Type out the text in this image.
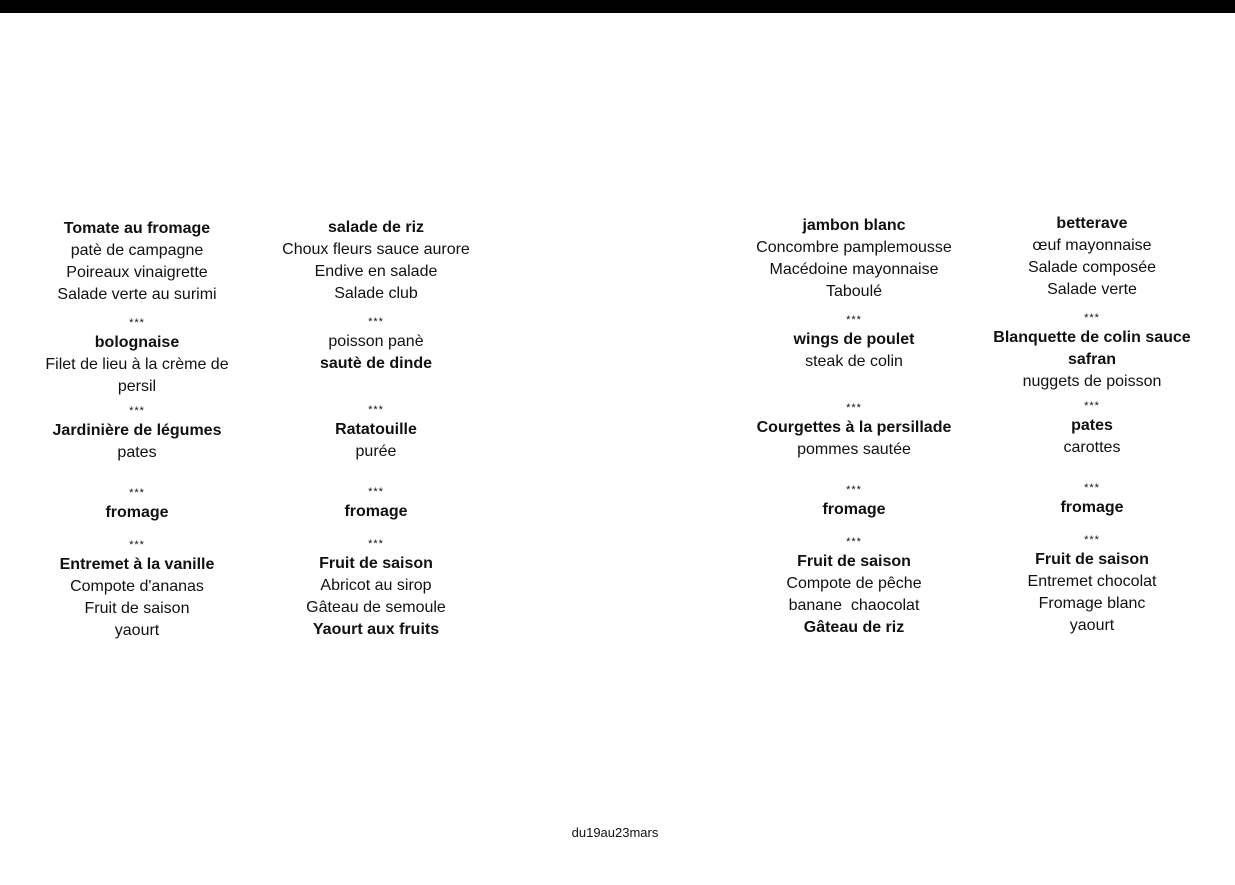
Tomate au fromage
patè de campagne
Poireaux vinaigrette
Salade verte au surimi
***
bolognaise
Filet de lieu à la crème de persil
***
Jardinière de légumes
pates
***
fromage
***
Entremet à la vanille
Compote d'ananas
Fruit de saison
yaourt
salade de riz
Choux fleurs sauce aurore
Endive en salade
Salade club
***
poisson panè
sautè de dinde
***
Ratatouille
purée
***
fromage
***
Fruit de saison
Abricot au sirop
Gâteau de semoule
Yaourt aux fruits
jambon blanc
Concombre pamplemousse
Macédoine mayonnaise
Taboulé
***
wings de poulet
steak de colin
***
Courgettes à la persillade
pommes sautée
***
fromage
***
Fruit de saison
Compote de pêche
banane  chaocolat
Gâteau de riz
betterave
œuf mayonnaise
Salade composée
Salade verte
***
Blanquette de colin sauce safran
nuggets de poisson
***
pates
carottes
***
fromage
***
Fruit de saison
Entremet chocolat
Fromage blanc
yaourt
du19au23mars
